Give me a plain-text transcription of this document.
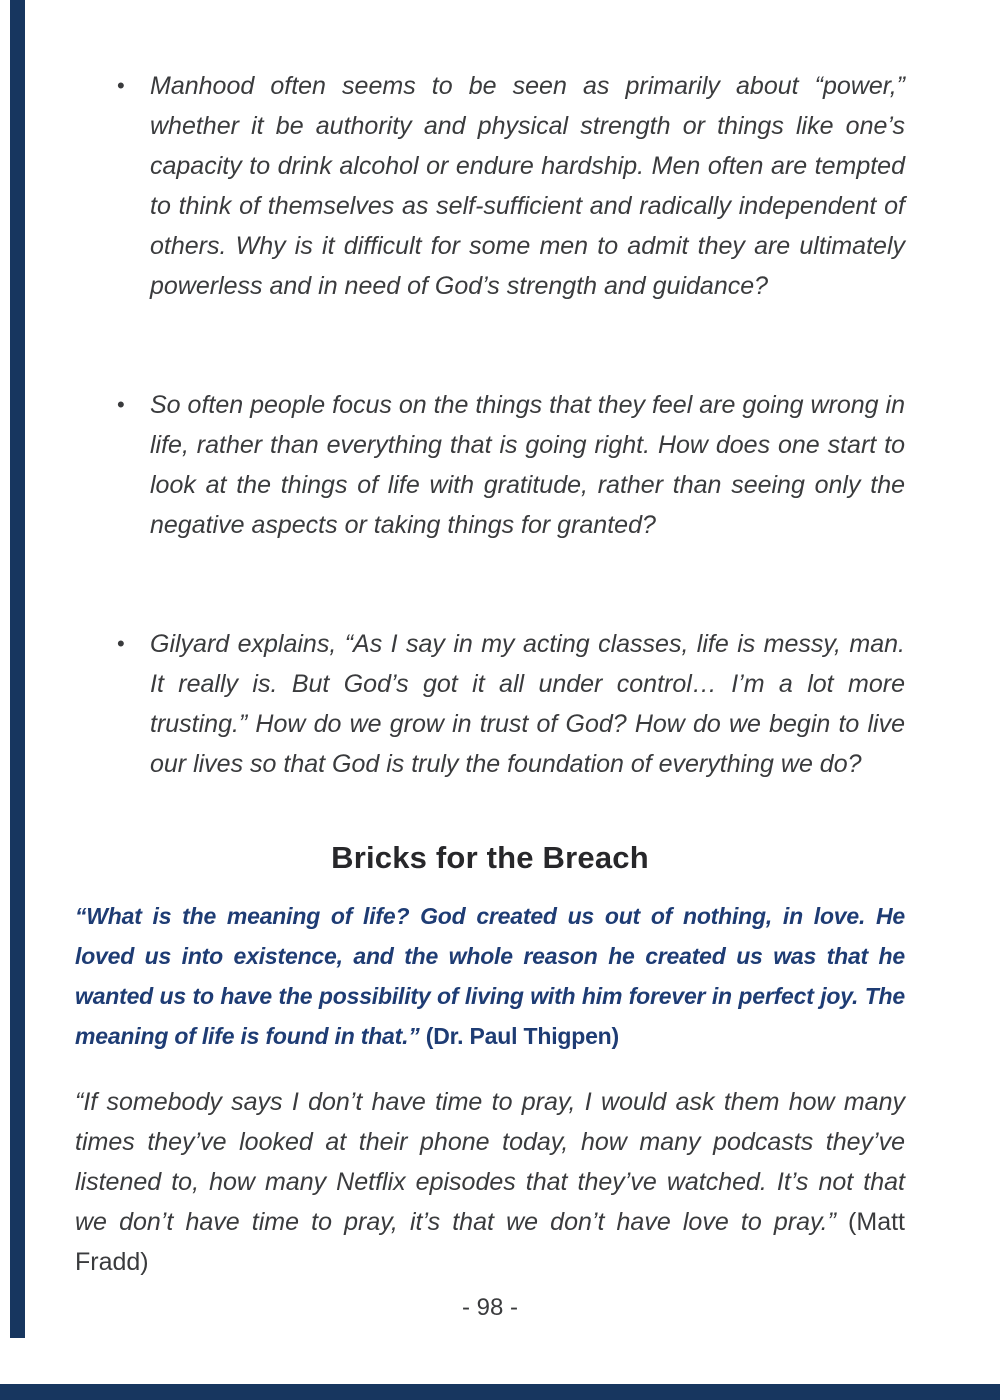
• Manhood often seems to be seen as primarily about “power,” whether it be authority and physical strength or things like one’s capacity to drink alcohol or endure hardship. Men often are tempted to think of themselves as self-sufficient and radically independent of others. Why is it difficult for some men to admit they are ultimately powerless and in need of God’s strength and guidance?
• So often people focus on the things that they feel are going wrong in life, rather than everything that is going right. How does one start to look at the things of life with gratitude, rather than seeing only the negative aspects or taking things for granted?
• Gilyard explains, “As I say in my acting classes, life is messy, man. It really is. But God’s got it all under control… I’m a lot more trusting.” How do we grow in trust of God? How do we begin to live our lives so that God is truly the foundation of everything we do?
Bricks for the Breach

“What is the meaning of life? God created us out of nothing, in love. He loved us into existence, and the whole reason he created us was that he wanted us to have the possibility of living with him forever in perfect joy. The meaning of life is found in that.” (Dr. Paul Thigpen)

“If somebody says I don’t have time to pray, I would ask them how many times they’ve looked at their phone today, how many podcasts they’ve listened to, how many Netflix episodes that they’ve watched. It’s not that we don’t have time to pray, it’s that we don’t have love to pray.” (Matt Fradd)

- 98 -
